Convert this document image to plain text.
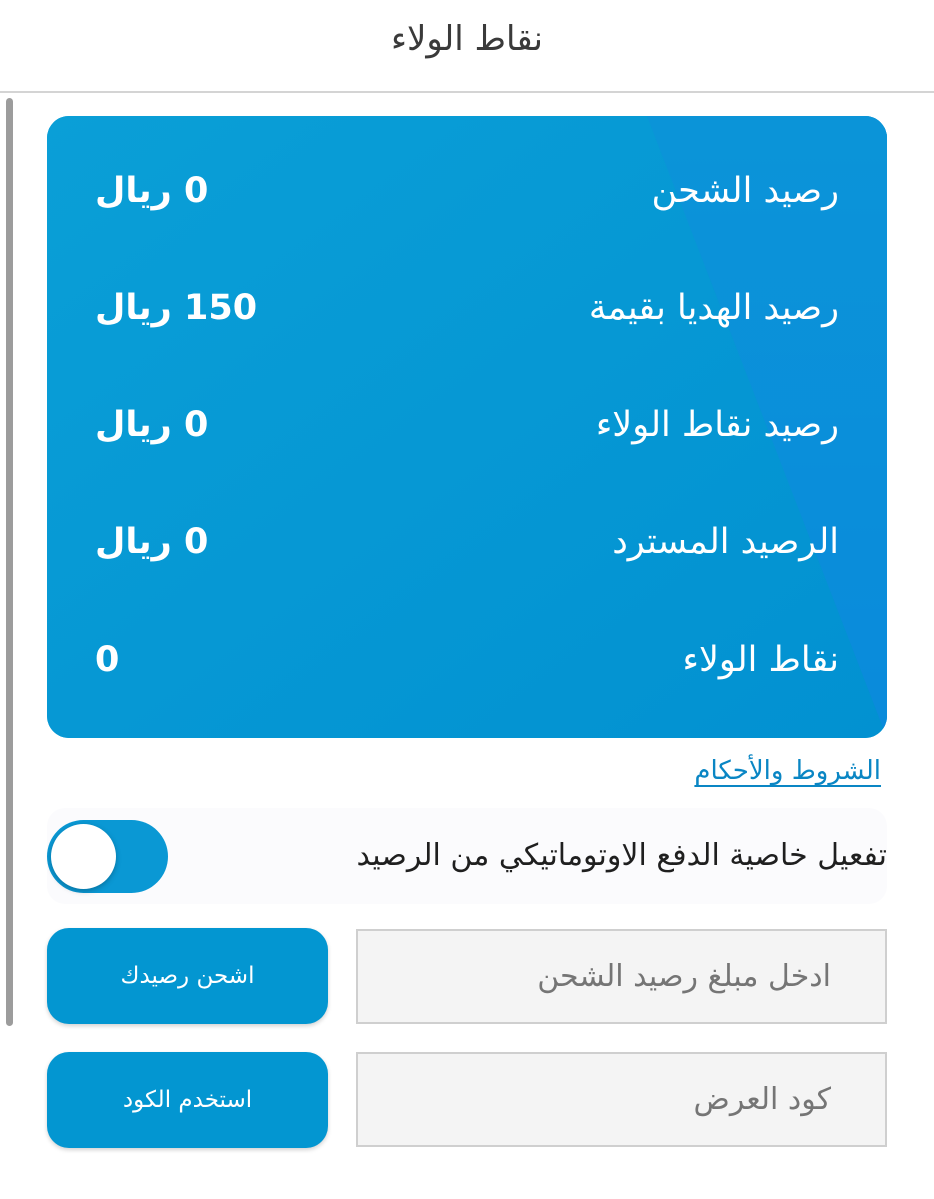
نقاط الولاء
رصيد الشحن
0 ريال
رصيد الهديا بقيمة
150 ريال
رصيد نقاط الولاء
0 ريال
الرصيد المسترد
0 ريال
نقاط الولاء
0
الشروط والأحكام
تفعيل خاصية الدفع الاوتوماتيكي من الرصيد
ادخل مبلغ رصيد الشحن
اشحن رصيدك
كود العرض
استخدم الكود
